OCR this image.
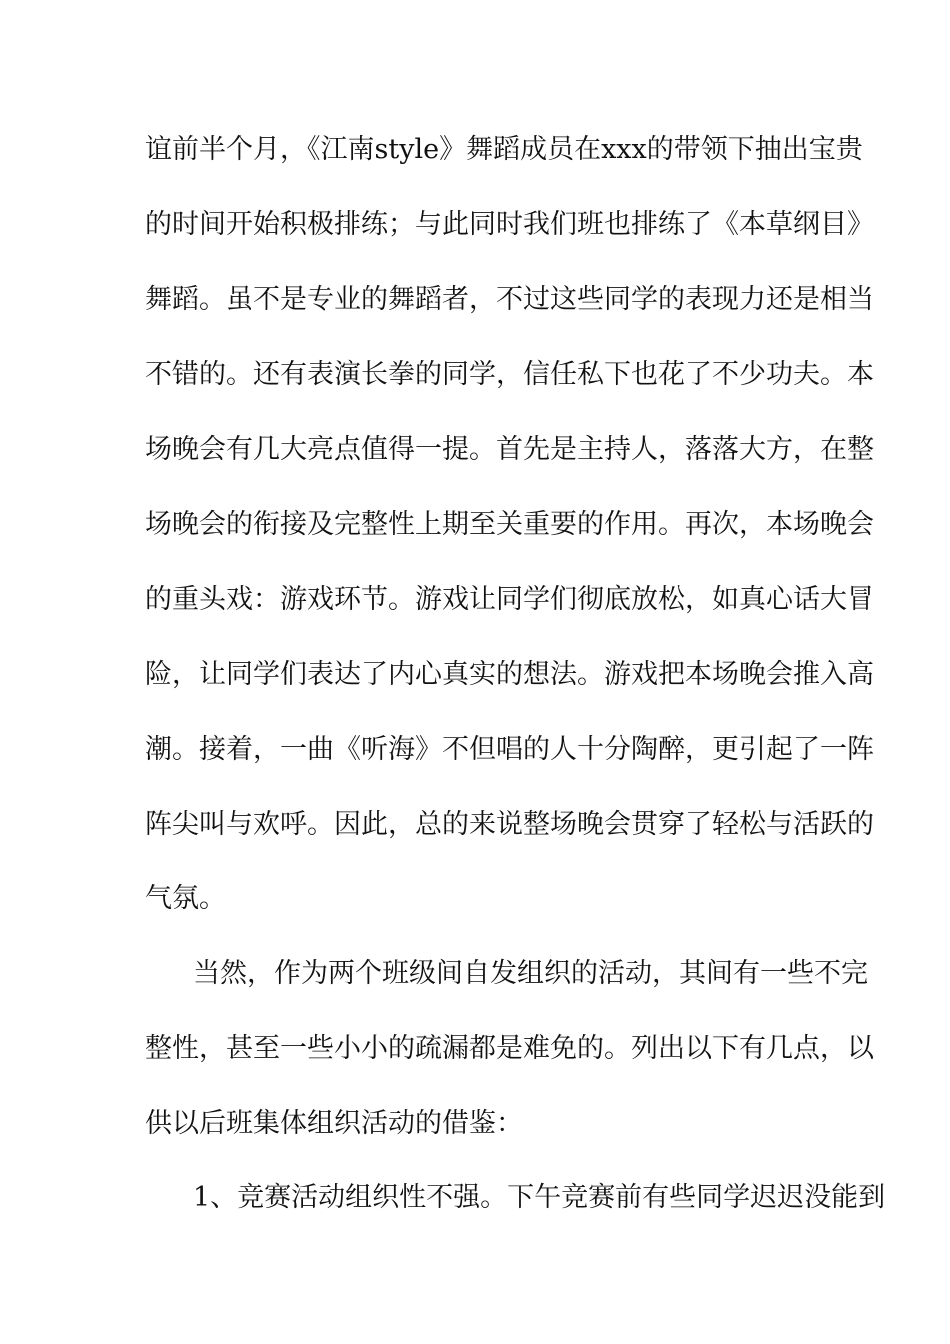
谊前半个月，《江南style》舞蹈成员在xxx的带领下抽出宝贵
的时间开始积极排练；与此同时我们班也排练了《本草纲目》
舞蹈。虽不是专业的舞蹈者，不过这些同学的表现力还是相当
不错的。还有表演长拳的同学，信任私下也花了不少功夫。本
场晚会有几大亮点值得一提。首先是主持人，落落大方，在整
场晚会的衔接及完整性上期至关重要的作用。再次，本场晚会
的重头戏：游戏环节。游戏让同学们彻底放松，如真心话大冒
险，让同学们表达了内心真实的想法。游戏把本场晚会推入高
潮。接着，一曲《听海》不但唱的人十分陶醉，更引起了一阵
阵尖叫与欢呼。因此，总的来说整场晚会贯穿了轻松与活跃的
气氛。
当然，作为两个班级间自发组织的活动，其间有一些不完
整性，甚至一些小小的疏漏都是难免的。列出以下有几点，以
供以后班集体组织活动的借鉴：
1、竞赛活动组织性不强。下午竞赛前有些同学迟迟没能到
